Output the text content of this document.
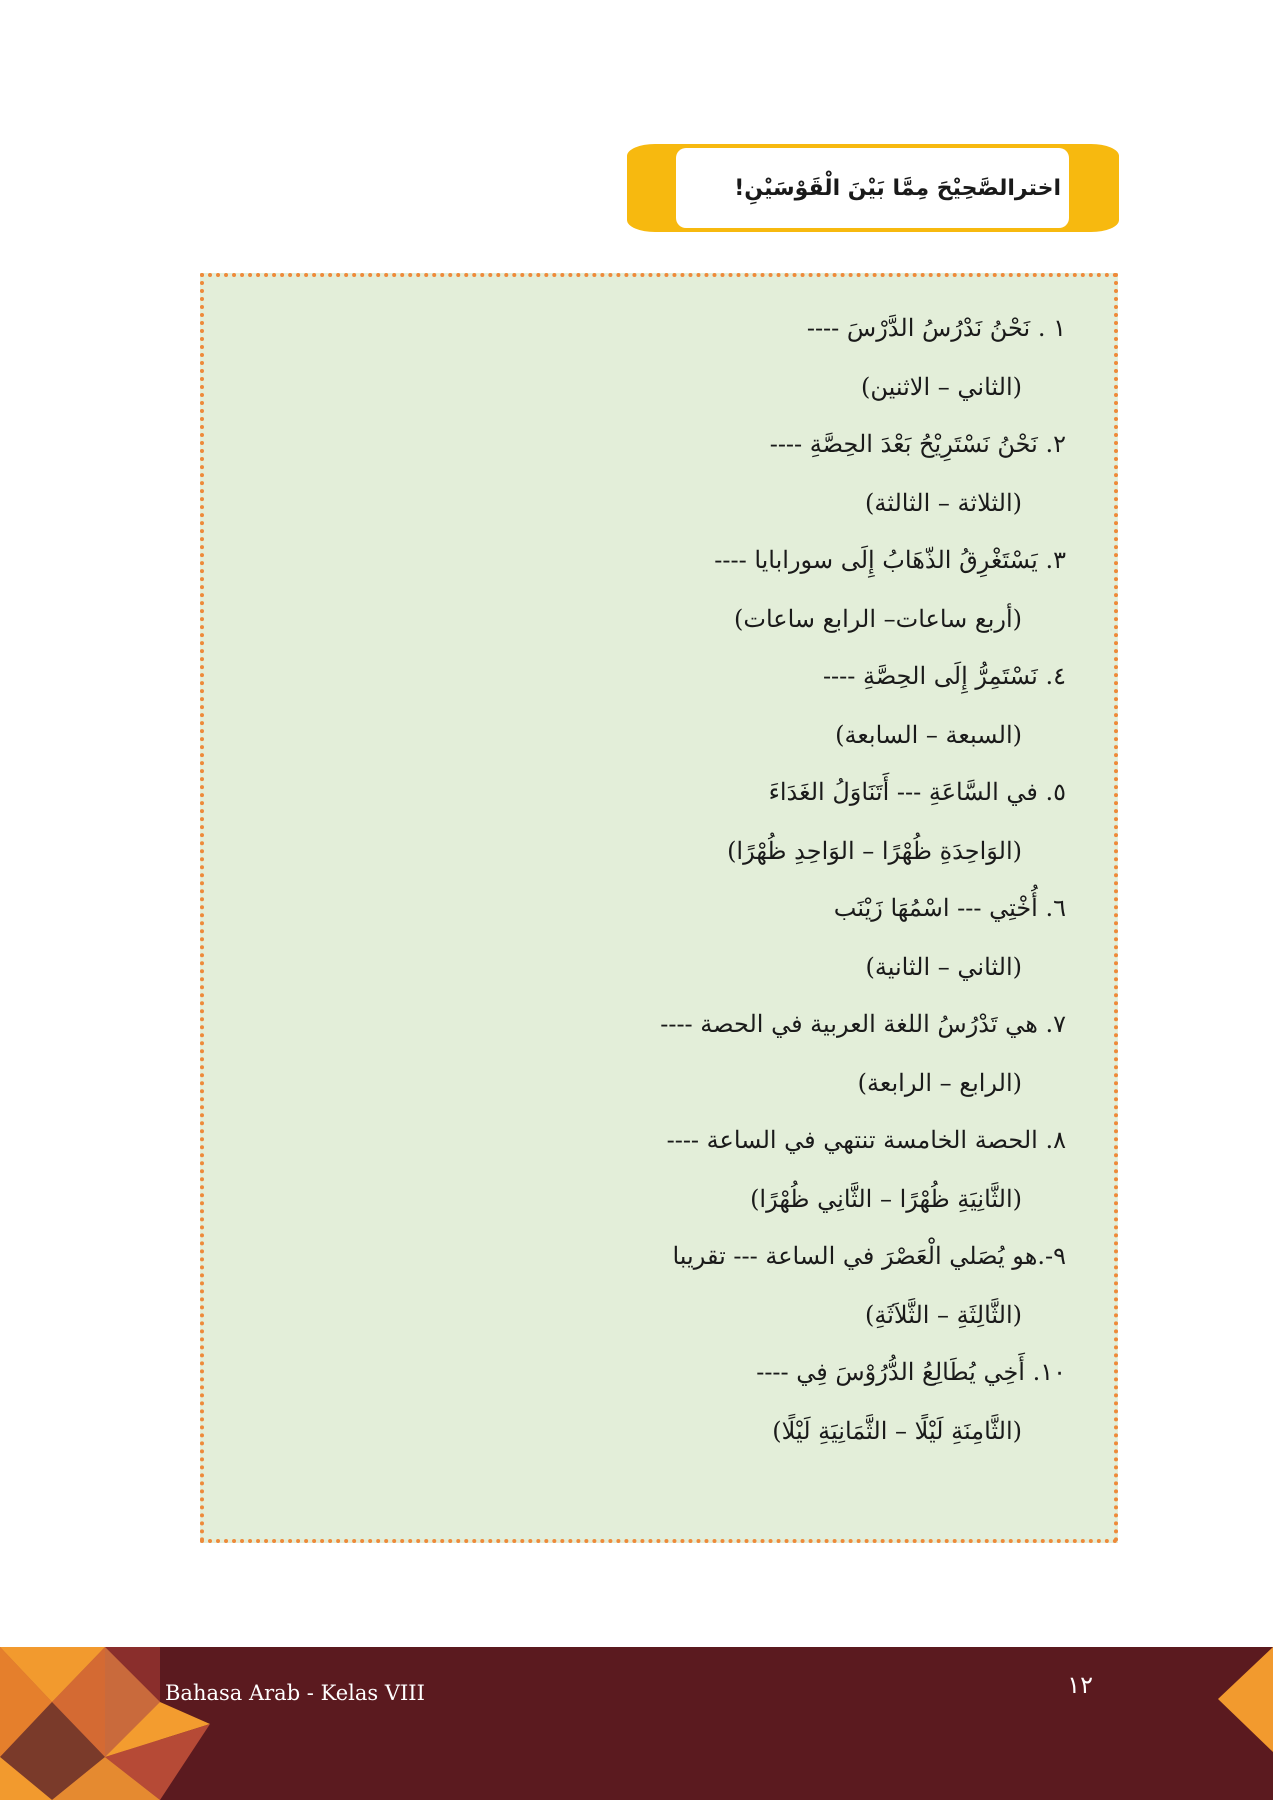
اخترالصَّحِيْحَ مِمَّا بَيْنَ الْقَوْسَيْنِ!
١ . نَحْنُ نَدْرُسُ الدَّرْسَ ----
(الثاني – الاثنين)
٢. نَحْنُ نَسْتَرِيْحُ بَعْدَ الحِصَّةِ ----
(الثلاثة – الثالثة)
٣. يَسْتَغْرِقُ الذّهَابُ إِلَى سورابايا ----
(أربع ساعات– الرابع ساعات)
٤. نَسْتَمِرُّ إِلَى الحِصَّةِ ----
(السبعة – السابعة)
٥. في السَّاعَةِ --- أَتَنَاوَلُ الغَدَاءَ
(الوَاحِدَةِ ظُهْرًا – الوَاحِدِ ظُهْرًا)
٦. أُخْتِي --- اسْمُهَا زَيْنَب
(الثاني – الثانية)
٧. هي تَدْرُسُ اللغة العربية في الحصة ----
(الرابع – الرابعة)
٨. الحصة الخامسة تنتهي في الساعة ----
(الثَّانِيَةِ ظُهْرًا – الثَّانِي ظُهْرًا)
٩-.هو يُصَلي الْعَصْرَ في الساعة --- تقريبا
(الثَّالِثَةِ – الثَّلاَثَةِ)
١٠. أَخِي يُطَالِعُ الدُّرُوْسَ فِي ----
(الثَّامِنَةِ لَيْلًا – الثَّمَانِيَةِ لَيْلًا)
Bahasa Arab - Kelas VIII	١٢
